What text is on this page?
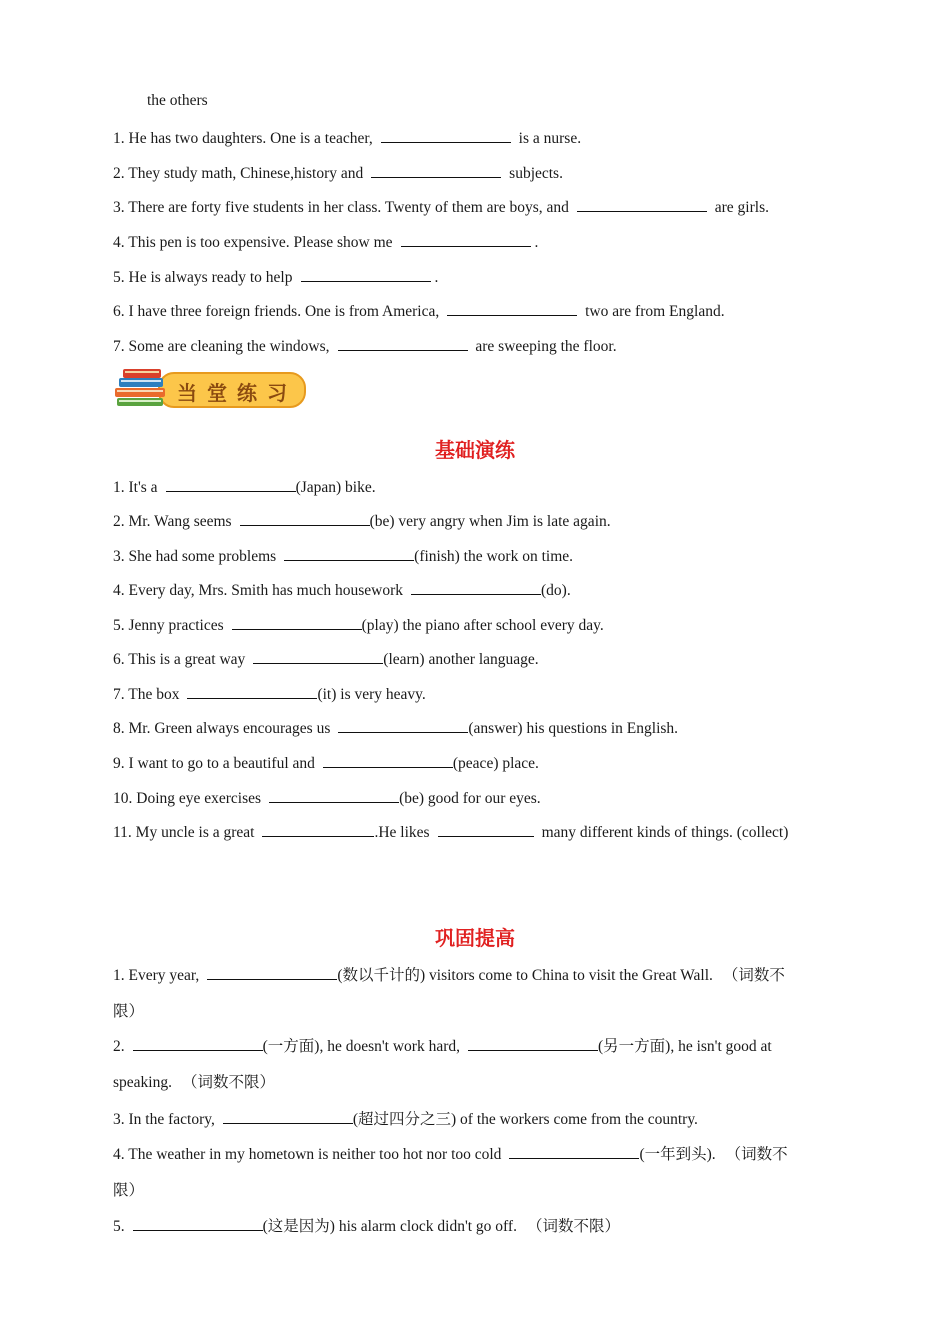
the others
1. He has two daughters. One is a teacher,	is a nurse.
2. They study math, Chinese,history and	subjects.
3. There are forty five students in her class. Twenty of them are boys, and	are girls.
4. This pen is too expensive. Please show me	.
5. He is always ready to help	.
6. I have three foreign friends. One is from America,	two are from England.
7. Some are cleaning the windows,	are sweeping the floor.
当堂练习
基础演练
1. It's a	(Japan) bike.
2. Mr. Wang seems	(be) very angry when Jim is late again.
3. She had some problems	(finish) the work on time.
4. Every day, Mrs. Smith has much housework	(do).
5. Jenny practices	(play) the piano after school every day.
6. This is a great way	(learn) another language.
7. The box	(it) is very heavy.
8. Mr. Green always encourages us	(answer) his questions in English.
9. I want to go to a beautiful and	(peace) place.
10. Doing eye exercises	(be) good for our eyes.
11. My uncle is a great	.He likes	many different kinds of things. (collect)
巩固提高
1. Every year,	(数以千计的) visitors come to China to visit the Great Wall. （词数不
限）
2.	(一方面), he doesn't work hard,	(另一方面), he isn't good at
speaking. （词数不限）
3. In the factory,	(超过四分之三) of the workers come from the country.
4. The weather in my hometown is neither too hot nor too cold	(一年到头). （词数不
限）
5.	(这是因为) his alarm clock didn't go off. （词数不限）
